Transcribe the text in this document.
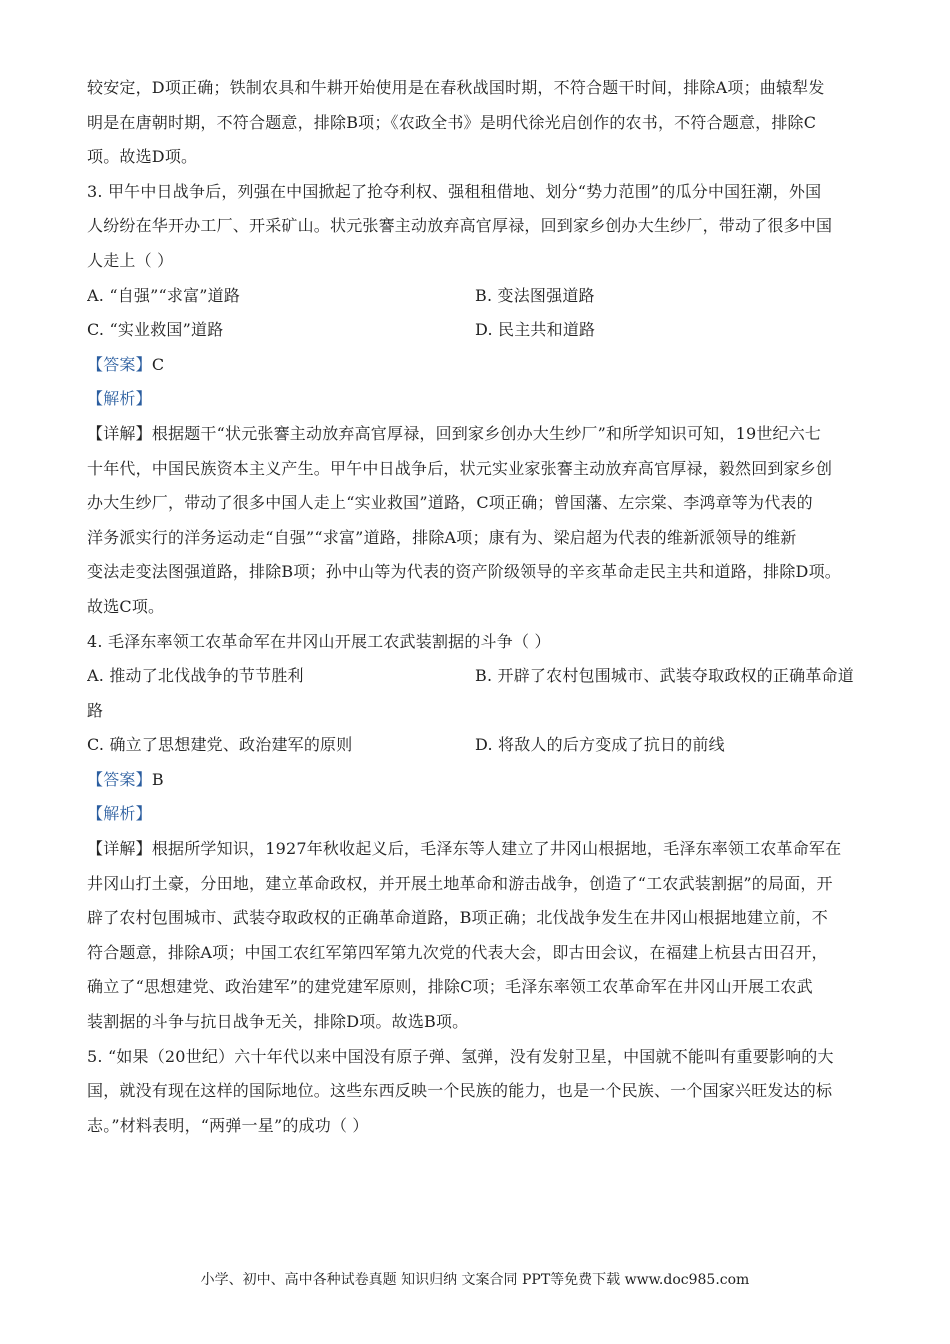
较安定，D项正确；铁制农具和牛耕开始使用是在春秋战国时期，不符合题干时间，排除A项；曲辕犁发
明是在唐朝时期，不符合题意，排除B项；《农政全书》是明代徐光启创作的农书，不符合题意，排除C
项。故选D项。
3. 甲午中日战争后，列强在中国掀起了抢夺利权、强租租借地、划分“势力范围”的瓜分中国狂潮，外国
人纷纷在华开办工厂、开采矿山。状元张謇主动放弃高官厚禄，回到家乡创办大生纱厂，带动了很多中国
人走上（ ）
A. “自强”“求富”道路	B. 变法图强道路
C. “实业救国”道路	D. 民主共和道路
【答案】C
【解析】
【详解】根据题干“状元张謇主动放弃高官厚禄，回到家乡创办大生纱厂”和所学知识可知，19世纪六七
十年代，中国民族资本主义产生。甲午中日战争后，状元实业家张謇主动放弃高官厚禄，毅然回到家乡创
办大生纱厂，带动了很多中国人走上“实业救国”道路，C项正确；曾国藩、左宗棠、李鸿章等为代表的
洋务派实行的洋务运动走“自强”“求富”道路，排除A项；康有为、梁启超为代表的维新派领导的维新
变法走变法图强道路，排除B项；孙中山等为代表的资产阶级领导的辛亥革命走民主共和道路，排除D项。
故选C项。
4. 毛泽东率领工农革命军在井冈山开展工农武装割据的斗争（ ）
A. 推动了北伐战争的节节胜利	B. 开辟了农村包围城市、武装夺取政权的正确革命道
路
C. 确立了思想建党、政治建军的原则	D. 将敌人的后方变成了抗日的前线
【答案】B
【解析】
【详解】根据所学知识，1927年秋收起义后，毛泽东等人建立了井冈山根据地，毛泽东率领工农革命军在
井冈山打土豪，分田地，建立革命政权，并开展土地革命和游击战争，创造了“工农武装割据”的局面，开
辟了农村包围城市、武装夺取政权的正确革命道路，B项正确；北伐战争发生在井冈山根据地建立前，不
符合题意，排除A项；中国工农红军第四军第九次党的代表大会，即古田会议，在福建上杭县古田召开，
确立了“思想建党、政治建军”的建党建军原则，排除C项；毛泽东率领工农革命军在井冈山开展工农武
装割据的斗争与抗日战争无关，排除D项。故选B项。
5. “如果（20世纪）六十年代以来中国没有原子弹、氢弹，没有发射卫星，中国就不能叫有重要影响的大
国，就没有现在这样的国际地位。这些东西反映一个民族的能力，也是一个民族、一个国家兴旺发达的标
志。”材料表明，“两弹一星”的成功（ ）
小学、初中、高中各种试卷真题 知识归纳 文案合同 PPT等免费下载 www.doc985.com
